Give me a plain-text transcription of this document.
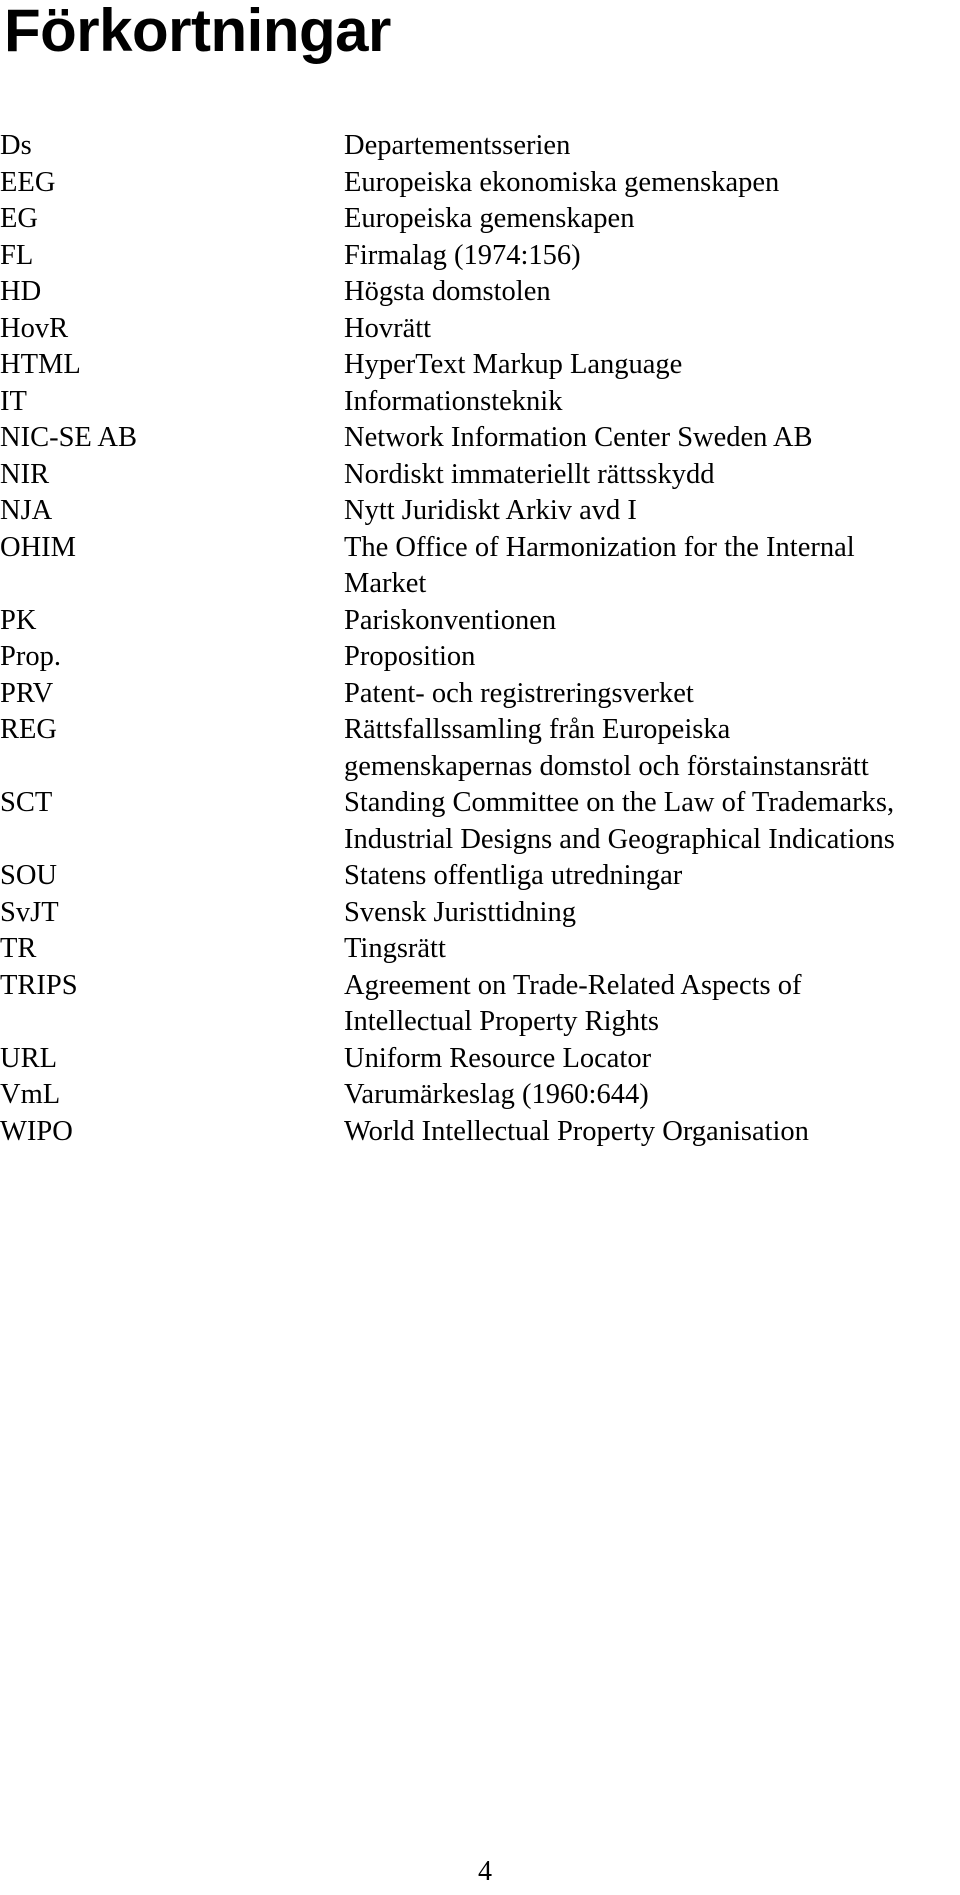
Förkortningar
Ds	Departementsserien
EEG	Europeiska ekonomiska gemenskapen
EG	Europeiska gemenskapen
FL	Firmalag (1974:156)
HD	Högsta domstolen
HovR	Hovrätt
HTML	HyperText Markup Language
IT	Informationsteknik
NIC-SE AB	Network Information Center Sweden AB
NIR	Nordiskt immateriellt rättsskydd
NJA	Nytt Juridiskt Arkiv avd I
OHIM	The Office of Harmonization for the Internal
Market
PK	Pariskonventionen
Prop.	Proposition
PRV	Patent- och registreringsverket
REG	Rättsfallssamling från Europeiska
gemenskapernas domstol och förstainstansrätt
SCT	Standing Committee on the Law of Trademarks,
Industrial Designs and Geographical Indications
SOU	Statens offentliga utredningar
SvJT	Svensk Juristtidning
TR	Tingsrätt
TRIPS	Agreement on Trade-Related Aspects of
Intellectual Property Rights
URL	Uniform Resource Locator
VmL	Varumärkeslag (1960:644)
WIPO	World Intellectual Property Organisation
4
